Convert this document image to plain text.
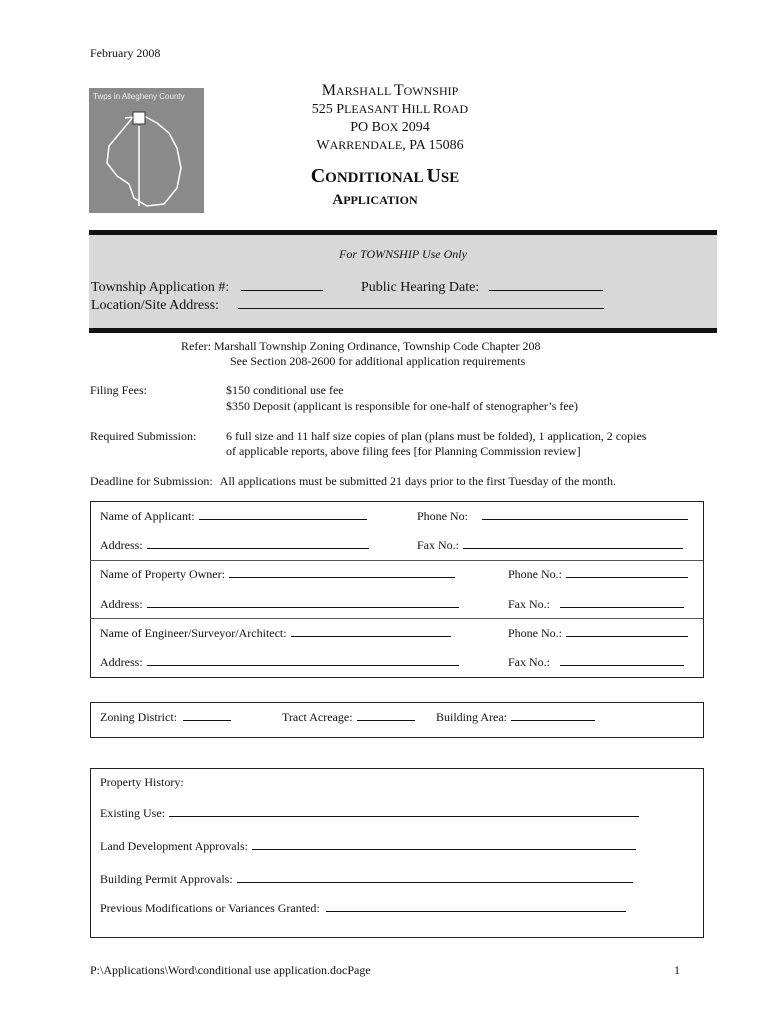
February 2008
Twps in Allegheny County	MARSHALL TOWNSHIP
525 PLEASANT HILL ROAD
PO BOX 2094
WARRENDALE, PA 15086
CONDITIONAL USE
APPLICATION
For TOWNSHIP Use Only
Township Application #:	Public Hearing Date:
Location/Site Address:
Refer: Marshall Township Zoning Ordinance, Township Code Chapter 208
See Section 208-2600 for additional application requirements
Filing Fees:	$150 conditional use fee
$350 Deposit (applicant is responsible for one-half of stenographer’s fee)
Required Submission: 6 full size and 11 half size copies of plan (plans must be folded), 1 application, 2 copies
of applicable reports, above filing fees [for Planning Commission review]
Deadline for Submission: All applications must be submitted 21 days prior to the first Tuesday of the month.
Name of Applicant:	Phone No:
Address:	Fax No.:
Name of Property Owner:	Phone No.:
Address:	Fax No.:
Name of Engineer/Surveyor/Architect:	Phone No.:
Address:	Fax No.:
Zoning District:	Tract Acreage:	Building Area:
Property History:
Existing Use:
Land Development Approvals:
Building Permit Approvals:
Previous Modifications or Variances Granted:
P:\Applications\Word\conditional use application.docPage	1
